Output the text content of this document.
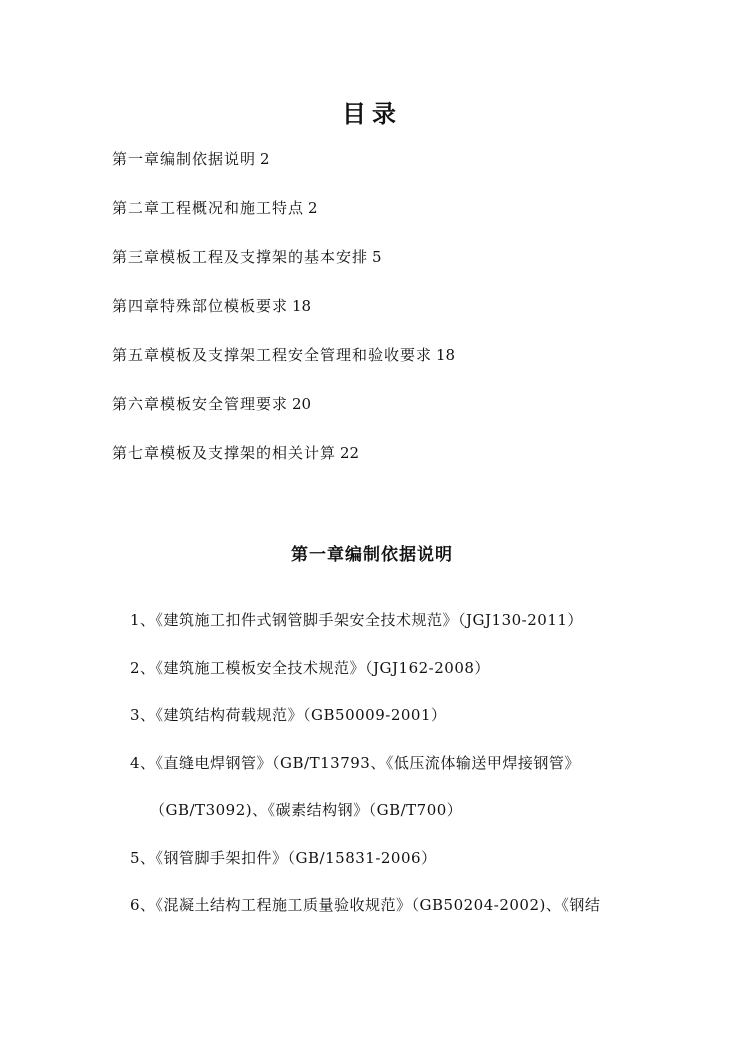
目录
第一章编制依据说明 2
第二章工程概况和施工特点 2
第三章模板工程及支撑架的基本安排 5
第四章特殊部位模板要求 18
第五章模板及支撑架工程安全管理和验收要求 18
第六章模板安全管理要求 20
第七章模板及支撑架的相关计算 22
第一章编制依据说明
1、《建筑施工扣件式钢管脚手架安全技术规范》（JGJ130-2011）
2、《建筑施工模板安全技术规范》（JGJ162-2008）
3、《建筑结构荷载规范》（GB50009-2001）
4、《直缝电焊钢管》（GB/T13793、《低压流体输送甲焊接钢管》
（GB/T3092)、《碳素结构钢》（GB/T700）
5、《钢管脚手架扣件》（GB/15831-2006）
6、《混凝土结构工程施工质量验收规范》（GB50204-2002)、《钢结
